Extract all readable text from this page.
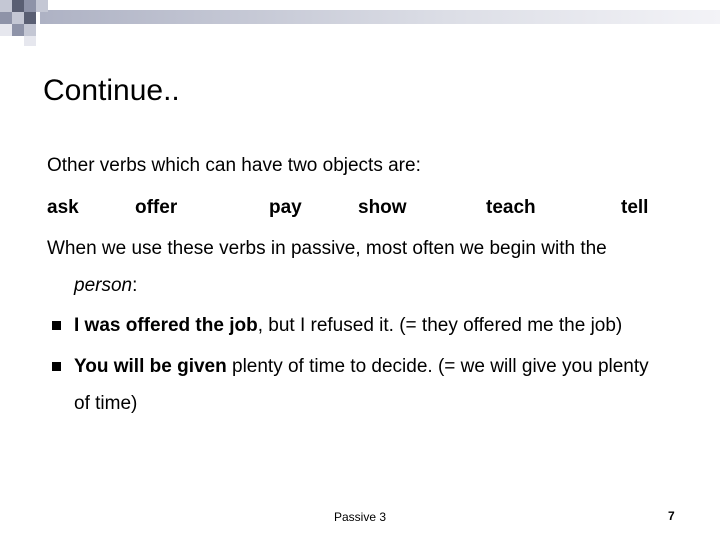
Continue..
Other verbs which can have two objects are:
ask	offer	pay	show	teach	tell
When we use these verbs in passive, most often we begin with the
person:
I was offered the job, but I refused it. (= they offered me the job)
You will be given plenty of time to decide. (= we will give you plenty
of time)
Passive 3	7
